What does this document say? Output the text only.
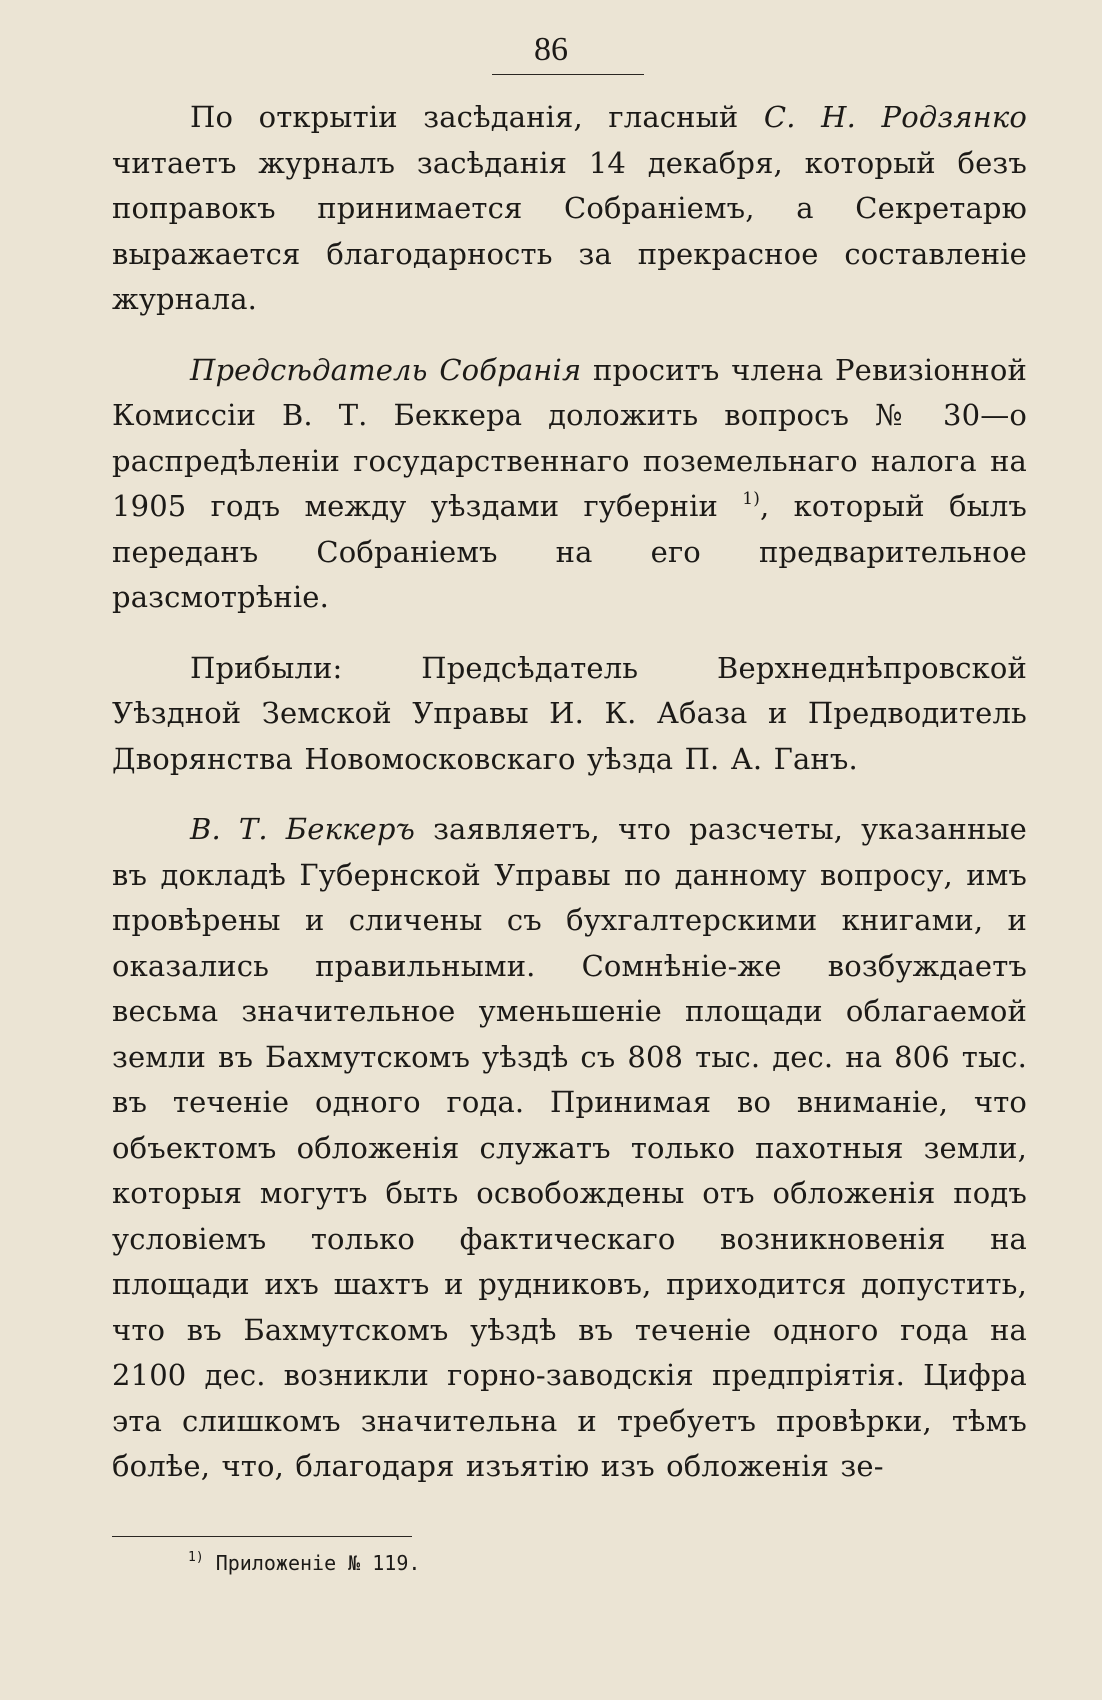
86

По открытіи засѣданія, гласный С. Н. Родзянко читаетъ журналъ засѣданія 14 декабря, который безъ поправокъ принимается Собраніемъ, а Секретарю выражается благодарность за прекрасное составленіе журнала.

Предсѣдатель Собранія проситъ члена Ревизіонной Комиссіи В. Т. Беккера доложить вопросъ № 30—о распредѣленіи государственнаго поземельнаго налога на 1905 годъ между уѣздами губерніи $^{1)}$, который былъ переданъ Собраніемъ на его предварительное разсмотрѣніе.

Прибыли: Предсѣдатель Верхнеднѣпровской Уѣздной Земской Управы И. К. Абаза и Предводитель Дворянства Новомосковскаго уѣзда П. А. Ганъ.

В. Т. Беккеръ заявляетъ, что разсчеты, указанные въ докладѣ Губернской Управы по данному вопросу, имъ провѣрены и сличены съ бухгалтерскими книгами, и оказались правильными. Сомнѣніе-же возбуждаетъ весьма значительное уменьшеніе площади облагаемой земли въ Бахмутскомъ уѣздѣ съ 808 тыс. дес. на 806 тыс. въ теченіе одного года. Принимая во вниманіе, что объектомъ обложенія служатъ только пахотныя земли, которыя могутъ быть освобождены отъ обложенія подъ условіемъ только фактическаго возникновенія на площади ихъ шахтъ и рудниковъ, приходится допустить, что въ Бахмутскомъ уѣздѣ въ теченіе одного года на 2100 дес. возникли горно-заводскія предпріятія. Цифра эта слишкомъ значительна и требуетъ провѣрки, тѣмъ болѣе, что, благодаря изъятію изъ обложенія зе-

$^{1)}$ Приложеніе № 119.
